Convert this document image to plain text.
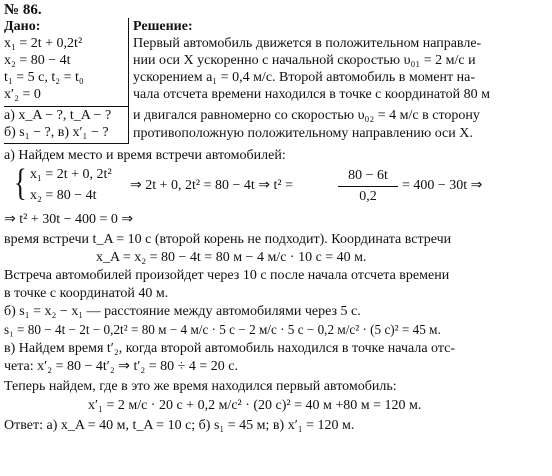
№ 86.
Дано:
x₁ = 2t + 0,2t²
x₂ = 80 − 4t
t₁ = 5 c, t₂ = t₀
x′₂ = 0
а) x_A − ?, t_A − ?
б) s₁ − ?, в) x′₁ − ?
Решение:
Первый автомобиль движется в положительном направле-
нии оси X ускоренно с начальной скоростью υ₀₁ = 2 м/с и
ускорением a₁ = 0,4 м/с. Второй автомобиль в момент на-
чала отсчета времени находился в точке с координатой 80 м
и двигался равномерно со скоростью υ₀₂ = 4 м/с в сторону
противоположную положительному направлению оси X.
а) Найдем место и время встречи автомобилей:
{ x₁ = 2t + 0, 2t²
x₂ = 80 − 4t
⇒ 2t + 0, 2t² = 80 − 4t ⇒ t² =
80 − 6t
0,2
= 400 − 30t ⇒
⇒ t² + 30t − 400 = 0 ⇒
время встречи t_A = 10 с (второй корень не подходит). Координата встречи
x_A = x₂ = 80 − 4t = 80 м − 4 м/с · 10 с = 40 м.
Встреча автомобилей произойдет через 10 с после начала отсчета времени
в точке с координатой 40 м.
б) s₁ = x₂ − x₁ — расстояние между автомобилями через 5 с.
s₁ = 80 − 4t − 2t − 0,2t² = 80 м − 4 м/с · 5 с − 2 м/с · 5 с − 0,2 м/с² · (5 с)² = 45 м.
в) Найдем время t′₂, когда второй автомобиль находился в точке начала отс-
чета: x′₂ = 80 − 4t′₂ ⇒ t′₂ = 80 ÷ 4 = 20 с.
Теперь найдем, где в это же время находился первый автомобиль:
x′₁ = 2 м/с · 20 с + 0,2 м/с² · (20 с)² = 40 м +80 м = 120 м.
Ответ: а) x_A = 40 м, t_A = 10 с; б) s₁ = 45 м; в) x′₁ = 120 м.
